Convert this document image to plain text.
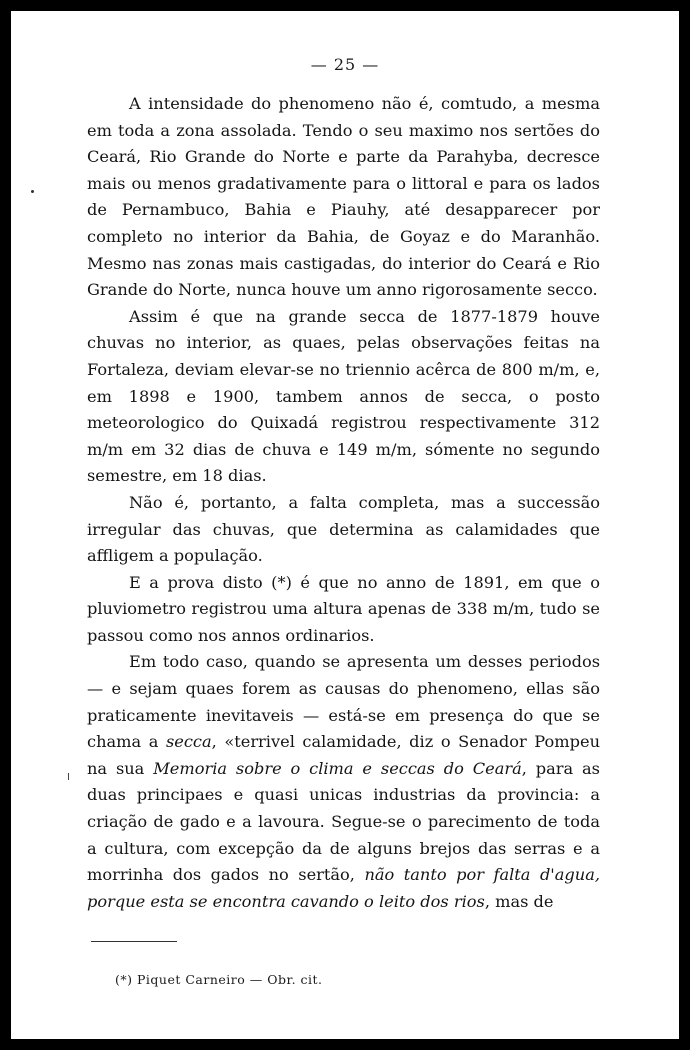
— 25 —

A intensidade do phenomeno não é, comtudo, a mesma em toda a zona assolada. Tendo o seu maximo nos sertões do Ceará, Rio Grande do Norte e parte da Parahyba, decresce mais ou menos gradativamente para o littoral e para os lados de Pernambuco, Bahia e Piauhy, até desapparecer por completo no interior da Bahia, de Goyaz e do Maranhão. Mesmo nas zonas mais castigadas, do interior do Ceará e Rio Grande do Norte, nunca houve um anno rigorosamente secco.

Assim é que na grande secca de 1877-1879 houve chuvas no interior, as quaes, pelas observações feitas na Fortaleza, deviam elevar-se no triennio acêrca de 800 m/m, e, em 1898 e 1900, tambem annos de secca, o posto meteorologico do Quixadá registrou respectivamente 312 m/m em 32 dias de chuva e 149 m/m, sómente no segundo semestre, em 18 dias.

Não é, portanto, a falta completa, mas a successão irregular das chuvas, que determina as calamidades que affligem a população.

E a prova disto (*) é que no anno de 1891, em que o pluviometro registrou uma altura apenas de 338 m/m, tudo se passou como nos annos ordinarios.

Em todo caso, quando se apresenta um desses periodos — e sejam quaes forem as causas do phenomeno, ellas são praticamente inevitaveis — está-se em presença do que se chama a secca, «terrivel calamidade, diz o Senador Pompeu na sua Memoria sobre o clima e seccas do Ceará, para as duas principaes e quasi unicas industrias da provincia: a criação de gado e a lavoura. Segue-se o parecimento de toda a cultura, com excepção da de alguns brejos das serras e a morrinha dos gados no sertão, não tanto por falta d'agua, porque esta se encontra cavando o leito dos rios, mas de

(*) Piquet Carneiro — Obr. cit.
